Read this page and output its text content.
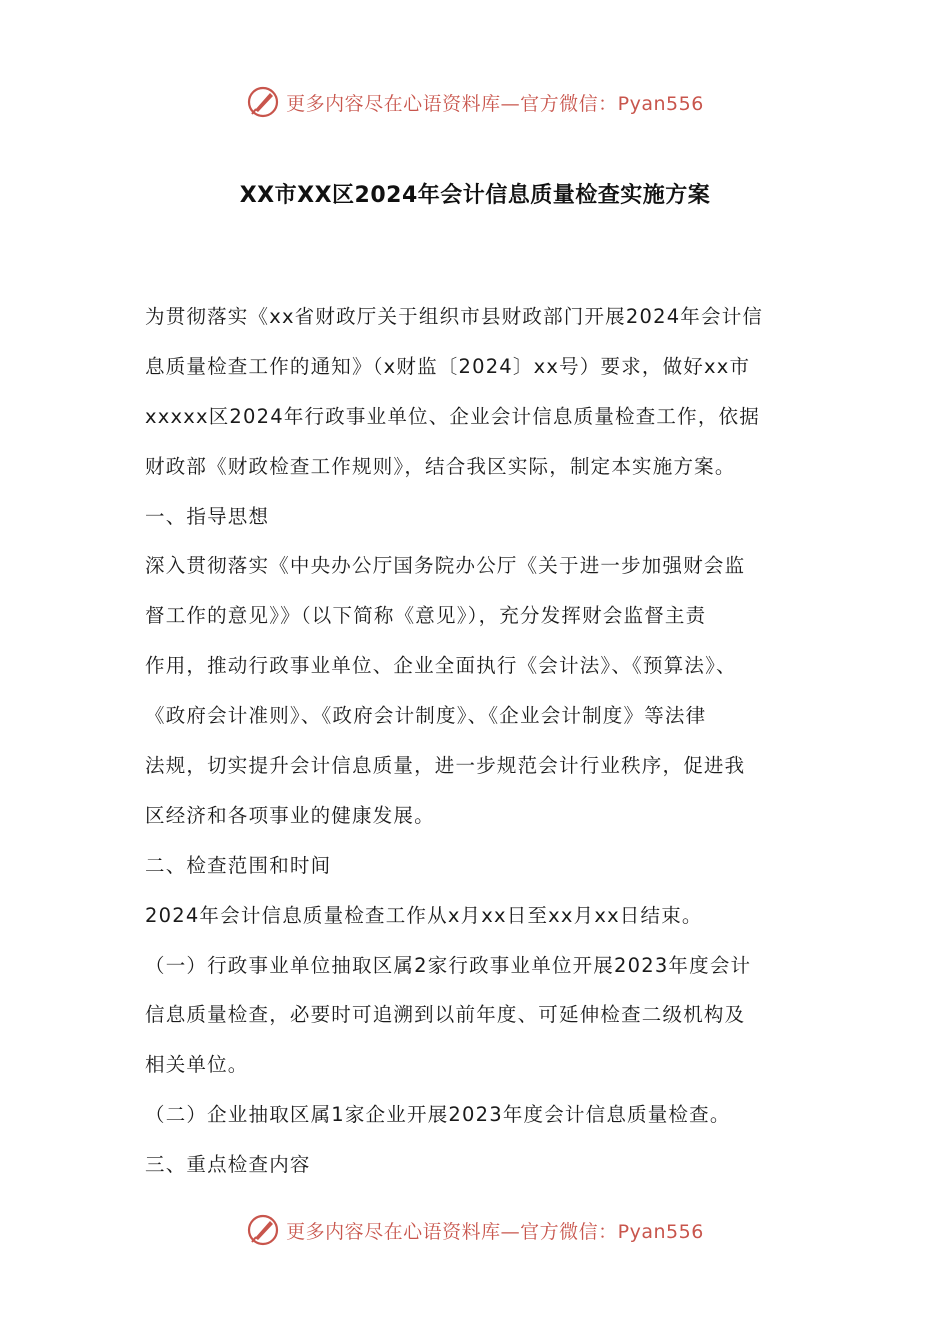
更多内容尽在心语资料库—官方微信：Pyan556
XX市XX区2024年会计信息质量检查实施方案
为贯彻落实《xx省财政厅关于组织市县财政部门开展2024年会计信
息质量检查工作的通知》（x财监〔2024〕xx号）要求，做好xx市
xxxxx区2024年行政事业单位、企业会计信息质量检查工作，依据
财政部《财政检查工作规则》，结合我区实际，制定本实施方案。
一、指导思想
深入贯彻落实《中央办公厅国务院办公厅《关于进一步加强财会监
督工作的意见》》（以下简称《意见》），充分发挥财会监督主责
作用，推动行政事业单位、企业全面执行《会计法》、《预算法》、
《政府会计准则》、《政府会计制度》、《企业会计制度》等法律
法规，切实提升会计信息质量，进一步规范会计行业秩序，促进我
区经济和各项事业的健康发展。
二、检查范围和时间
2024年会计信息质量检查工作从x月xx日至xx月xx日结束。
（一）行政事业单位抽取区属2家行政事业单位开展2023年度会计
信息质量检查，必要时可追溯到以前年度、可延伸检查二级机构及
相关单位。
（二）企业抽取区属1家企业开展2023年度会计信息质量检查。
三、重点检查内容
更多内容尽在心语资料库—官方微信：Pyan556
